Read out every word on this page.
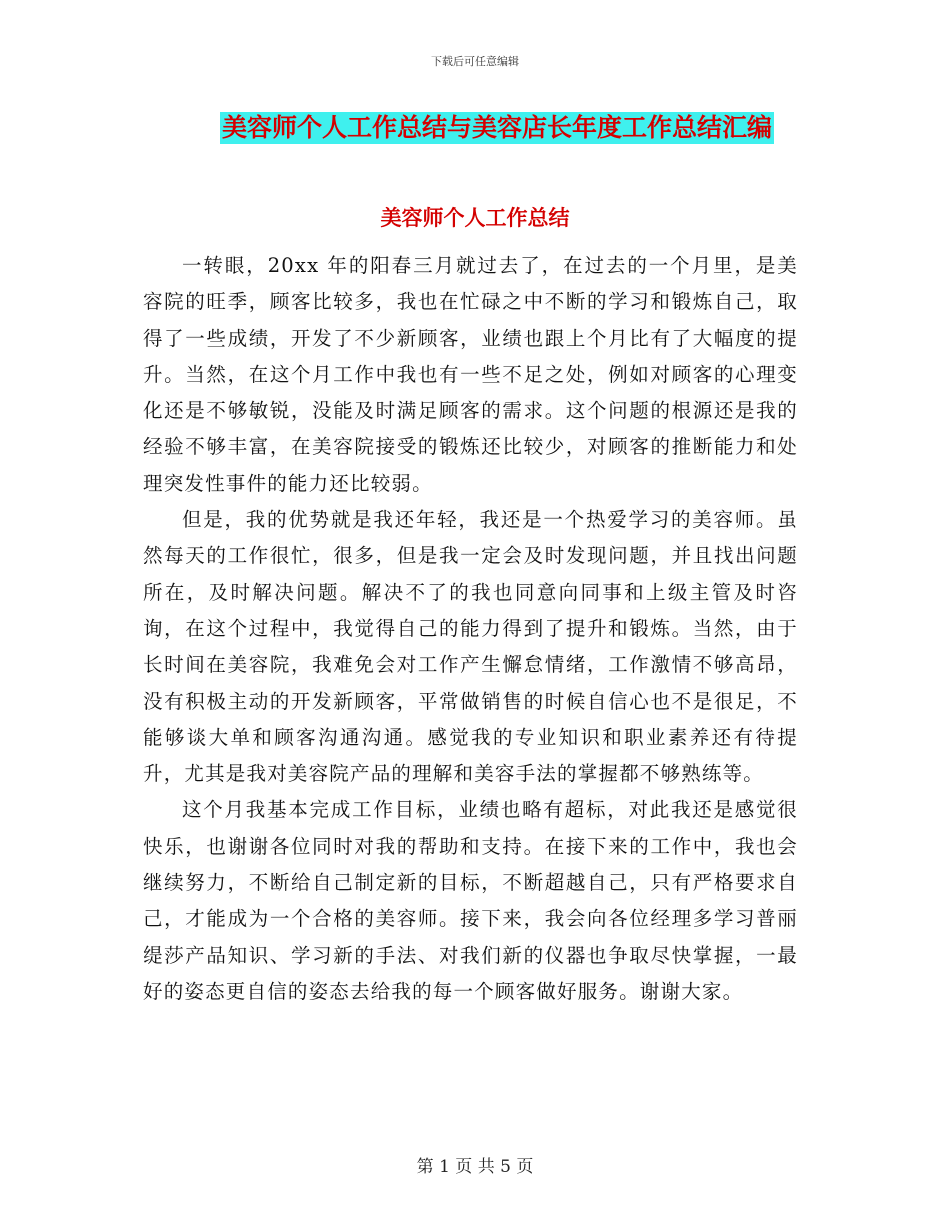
下载后可任意编辑
美容师个人工作总结与美容店长年度工作总结汇编
美容师个人工作总结

一转眼，20xx 年的阳春三月就过去了，在过去的一个月里，是美容院的旺季，顾客比较多，我也在忙碌之中不断的学习和锻炼自己，取得了一些成绩，开发了不少新顾客，业绩也跟上个月比有了大幅度的提升。当然，在这个月工作中我也有一些不足之处，例如对顾客的心理变化还是不够敏锐，没能及时满足顾客的需求。这个问题的根源还是我的经验不够丰富，在美容院接受的锻炼还比较少，对顾客的推断能力和处理突发性事件的能力还比较弱。

但是，我的优势就是我还年轻，我还是一个热爱学习的美容师。虽然每天的工作很忙，很多，但是我一定会及时发现问题，并且找出问题所在，及时解决问题。解决不了的我也同意向同事和上级主管及时咨询，在这个过程中，我觉得自己的能力得到了提升和锻炼。当然，由于长时间在美容院，我难免会对工作产生懈怠情绪，工作激情不够高昂，没有积极主动的开发新顾客，平常做销售的时候自信心也不是很足，不能够谈大单和顾客沟通沟通。感觉我的专业知识和职业素养还有待提升，尤其是我对美容院产品的理解和美容手法的掌握都不够熟练等。

这个月我基本完成工作目标，业绩也略有超标，对此我还是感觉很快乐，也谢谢各位同时对我的帮助和支持。在接下来的工作中，我也会继续努力，不断给自己制定新的目标，不断超越自己，只有严格要求自己，才能成为一个合格的美容师。接下来，我会向各位经理多学习普丽缇莎产品知识、学习新的手法、对我们新的仪器也争取尽快掌握，一最好的姿态更自信的姿态去给我的每一个顾客做好服务。谢谢大家。

第 1 页 共 5 页
